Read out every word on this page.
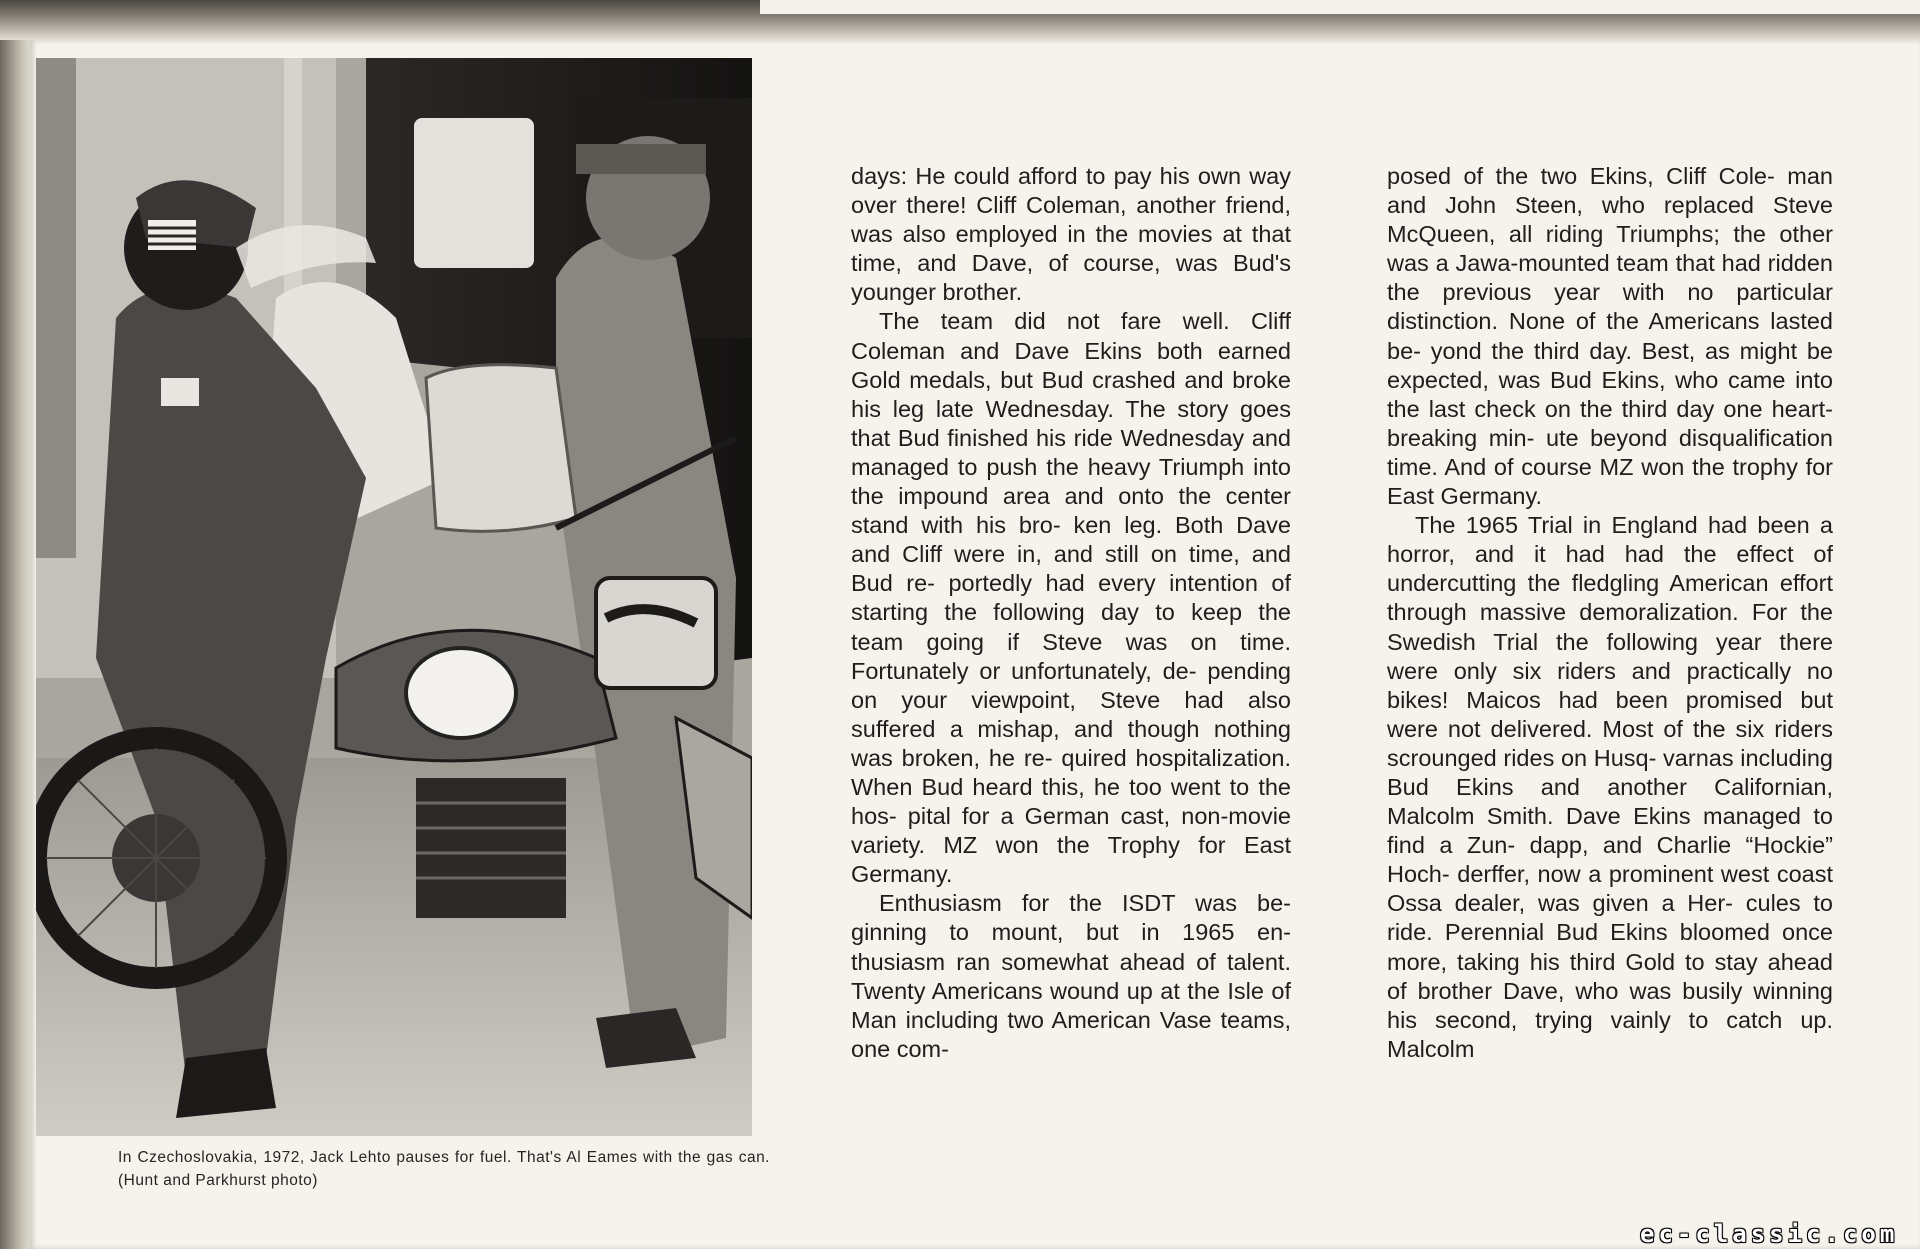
In Czechoslovakia, 1972, Jack Lehto pauses for fuel. That's Al Eames with the gas can. (Hunt and Parkhurst photo)

days: He could afford to pay his own way over there! Cliff Coleman, another friend, was also employed in the movies at that time, and Dave, of course, was Bud's younger brother.

The team did not fare well. Cliff Coleman and Dave Ekins both earned Gold medals, but Bud crashed and broke his leg late Wednesday. The story goes that Bud finished his ride Wednesday and managed to push the heavy Triumph into the impound area and onto the center stand with his bro- ken leg. Both Dave and Cliff were in, and still on time, and Bud re- portedly had every intention of starting the following day to keep the team going if Steve was on time. Fortunately or unfortunately, de- pending on your viewpoint, Steve had also suffered a mishap, and though nothing was broken, he re- quired hospitalization. When Bud heard this, he too went to the hos- pital for a German cast, non-movie variety. MZ won the Trophy for East Germany.

Enthusiasm for the ISDT was be- ginning to mount, but in 1965 en- thusiasm ran somewhat ahead of talent. Twenty Americans wound up at the Isle of Man including two American Vase teams, one com-

posed of the two Ekins, Cliff Cole- man and John Steen, who replaced Steve McQueen, all riding Triumphs; the other was a Jawa-mounted team that had ridden the previous year with no particular distinction. None of the Americans lasted be- yond the third day. Best, as might be expected, was Bud Ekins, who came into the last check on the third day one heart-breaking min- ute beyond disqualification time. And of course MZ won the trophy for East Germany.

The 1965 Trial in England had been a horror, and it had had the effect of undercutting the fledgling American effort through massive demoralization. For the Swedish Trial the following year there were only six riders and practically no bikes! Maicos had been promised but were not delivered. Most of the six riders scrounged rides on Husq- varnas including Bud Ekins and another Californian, Malcolm Smith. Dave Ekins managed to find a Zun- dapp, and Charlie “Hockie” Hoch- derffer, now a prominent west coast Ossa dealer, was given a Her- cules to ride. Perennial Bud Ekins bloomed once more, taking his third Gold to stay ahead of brother Dave, who was busily winning his second, trying vainly to catch up. Malcolm

ec-classic.com
